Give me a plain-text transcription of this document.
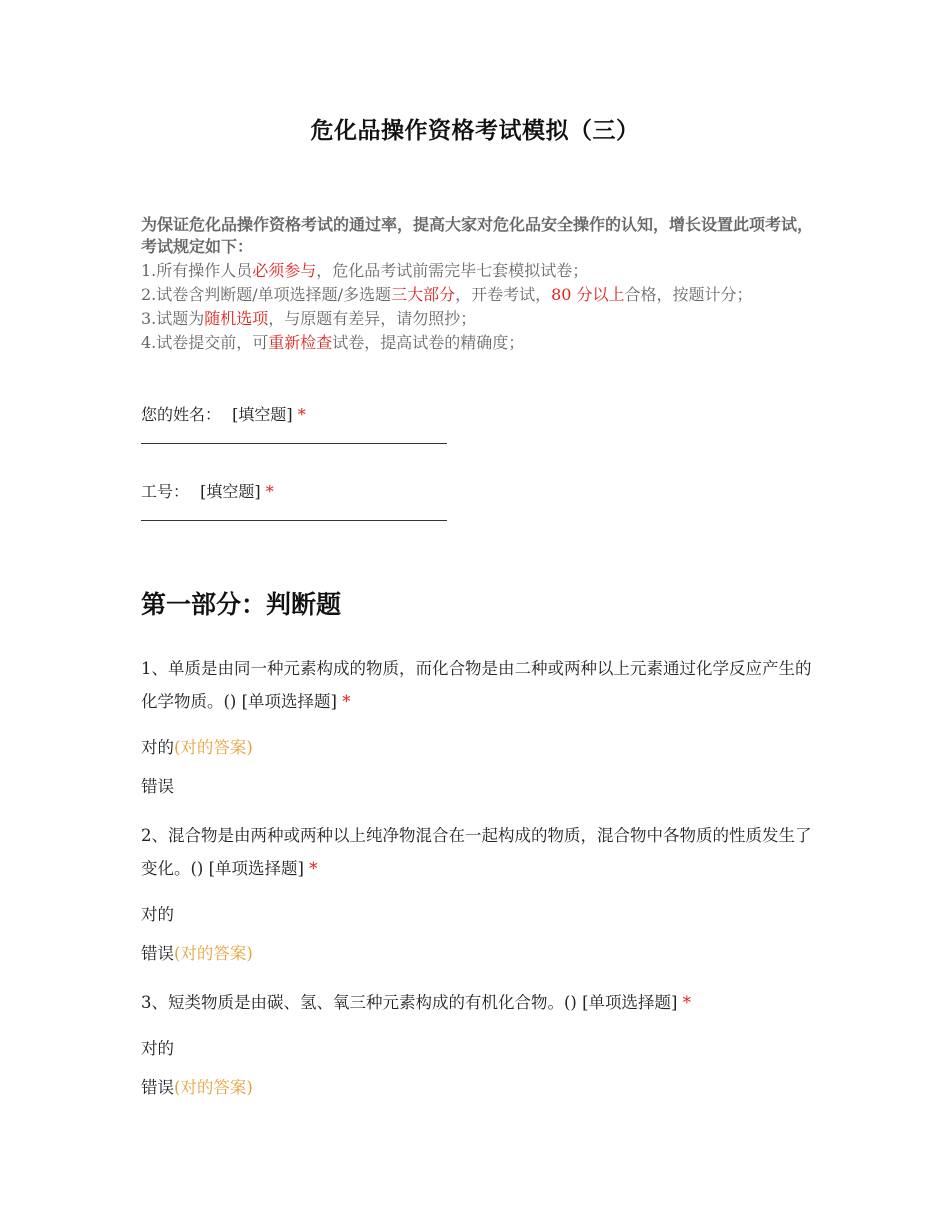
危化品操作资格考试模拟（三）
为保证危化品操作资格考试的通过率，提高大家对危化品安全操作的认知，增长设置此项考试，考试规定如下：
1.所有操作人员必须参与，危化品考试前需完毕七套模拟试卷；
2.试卷含判断题/单项选择题/多选题三大部分，开卷考试，80 分以上合格，按题计分；
3.试题为随机选项，与原题有差异，请勿照抄；
4.试卷提交前，可重新检查试卷，提高试卷的精确度；
您的姓名： [填空题] *
工号： [填空题] *
第一部分：判断题
1、单质是由同一种元素构成的物质，而化合物是由二种或两种以上元素通过化学反应产生的化学物质。() [单项选择题] *
对的(对的答案)
错误
2、混合物是由两种或两种以上纯净物混合在一起构成的物质，混合物中各物质的性质发生了变化。() [单项选择题] *
对的
错误(对的答案)
3、短类物质是由碳、氢、氧三种元素构成的有机化合物。() [单项选择题] *
对的
错误(对的答案)
